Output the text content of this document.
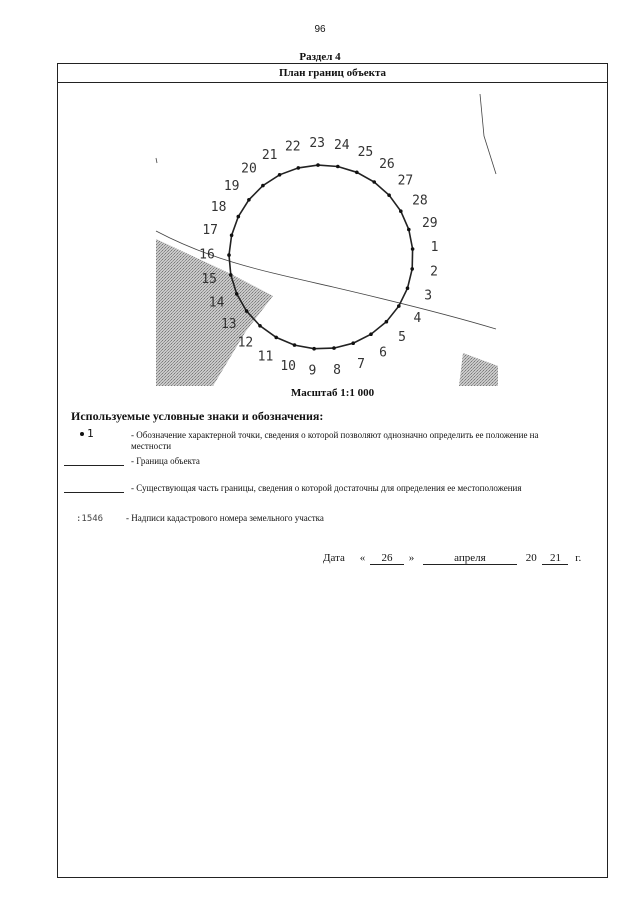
96
Раздел 4
План границ объекта
1
2
3
4
5
6
7
8
9
10
11
12
13
14
15
16
17
18
19
20
21
22 23 24 25
26
27
28
29
Масштаб 1:1 000
Используемые условные знаки и обозначения:
1	- Обозначение характерной точки, сведения о которой позволяют однозначно определить ее положение на местности
- Граница объекта
- Существующая часть границы, сведения о которой достаточны для определения ее местоположения
:1546	- Надписи кадастрового номера земельного участка
Дата « 26 »	апреля	20 21 г.
